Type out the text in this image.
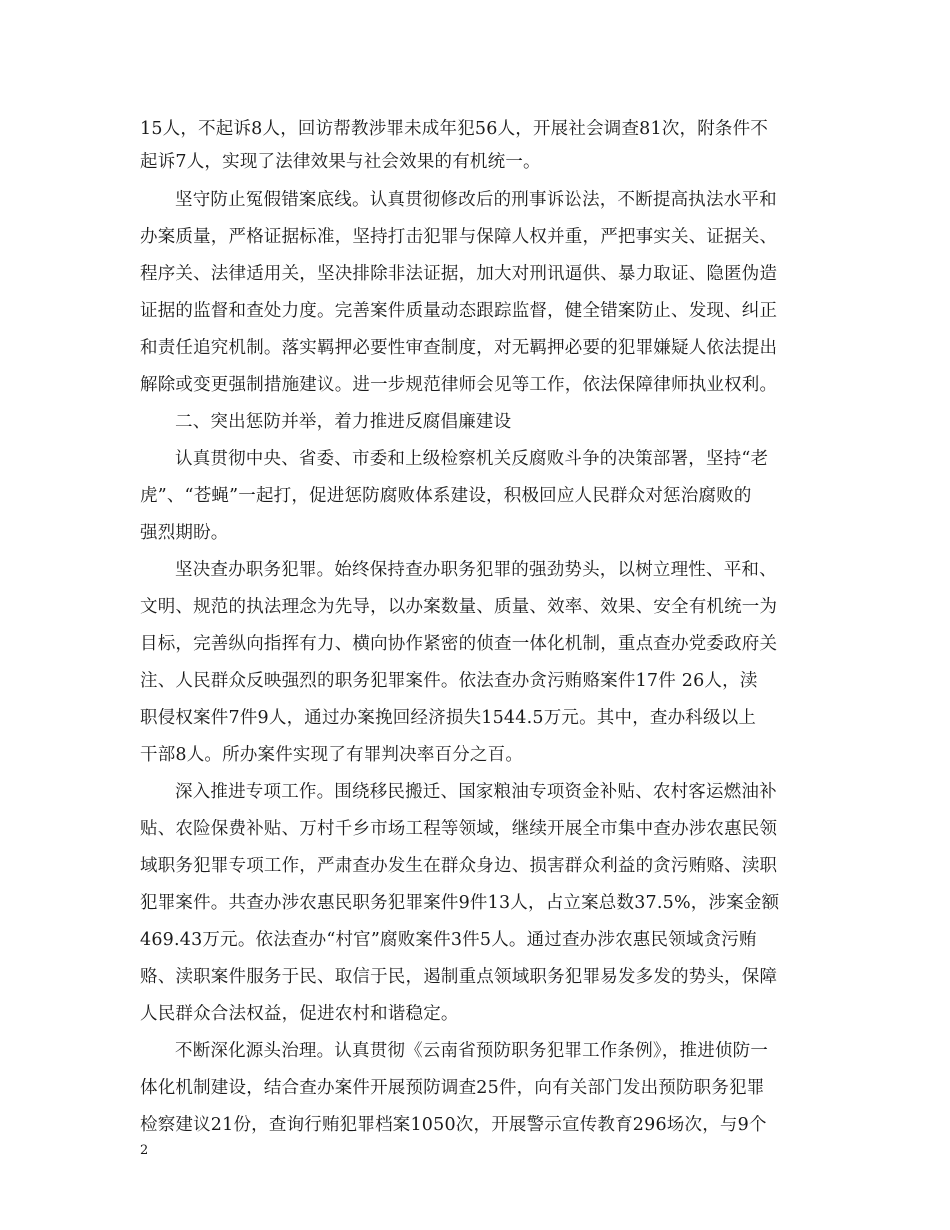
15人，不起诉8人，回访帮教涉罪未成年犯56人，开展社会调查81次，附条件不
起诉7人，实现了法律效果与社会效果的有机统一。
坚守防止冤假错案底线。认真贯彻修改后的刑事诉讼法，不断提高执法水平和
办案质量，严格证据标准，坚持打击犯罪与保障人权并重，严把事实关、证据关、
程序关、法律适用关，坚决排除非法证据，加大对刑讯逼供、暴力取证、隐匿伪造
证据的监督和查处力度。完善案件质量动态跟踪监督，健全错案防止、发现、纠正
和责任追究机制。落实羁押必要性审查制度，对无羁押必要的犯罪嫌疑人依法提出
解除或变更强制措施建议。进一步规范律师会见等工作，依法保障律师执业权利。
二、突出惩防并举，着力推进反腐倡廉建设
认真贯彻中央、省委、市委和上级检察机关反腐败斗争的决策部署，坚持“老
虎”、“苍蝇”一起打，促进惩防腐败体系建设，积极回应人民群众对惩治腐败的
强烈期盼。
坚决查办职务犯罪。始终保持查办职务犯罪的强劲势头，以树立理性、平和、
文明、规范的执法理念为先导，以办案数量、质量、效率、效果、安全有机统一为
目标，完善纵向指挥有力、横向协作紧密的侦查一体化机制，重点查办党委政府关
注、人民群众反映强烈的职务犯罪案件。依法查办贪污贿赂案件17件 26人，渎
职侵权案件7件9人，通过办案挽回经济损失1544.5万元。其中，查办科级以上
干部8人。所办案件实现了有罪判决率百分之百。
深入推进专项工作。围绕移民搬迁、国家粮油专项资金补贴、农村客运燃油补
贴、农险保费补贴、万村千乡市场工程等领域，继续开展全市集中查办涉农惠民领
域职务犯罪专项工作，严肃查办发生在群众身边、损害群众利益的贪污贿赂、渎职
犯罪案件。共查办涉农惠民职务犯罪案件9件13人，占立案总数37.5%，涉案金额
469.43万元。依法查办“村官”腐败案件3件5人。通过查办涉农惠民领域贪污贿
赂、渎职案件服务于民、取信于民，遏制重点领域职务犯罪易发多发的势头，保障
人民群众合法权益，促进农村和谐稳定。
不断深化源头治理。认真贯彻《云南省预防职务犯罪工作条例》，推进侦防一
体化机制建设，结合查办案件开展预防调查25件，向有关部门发出预防职务犯罪
检察建议21份，查询行贿犯罪档案1050次，开展警示宣传教育296场次，与9个
2
